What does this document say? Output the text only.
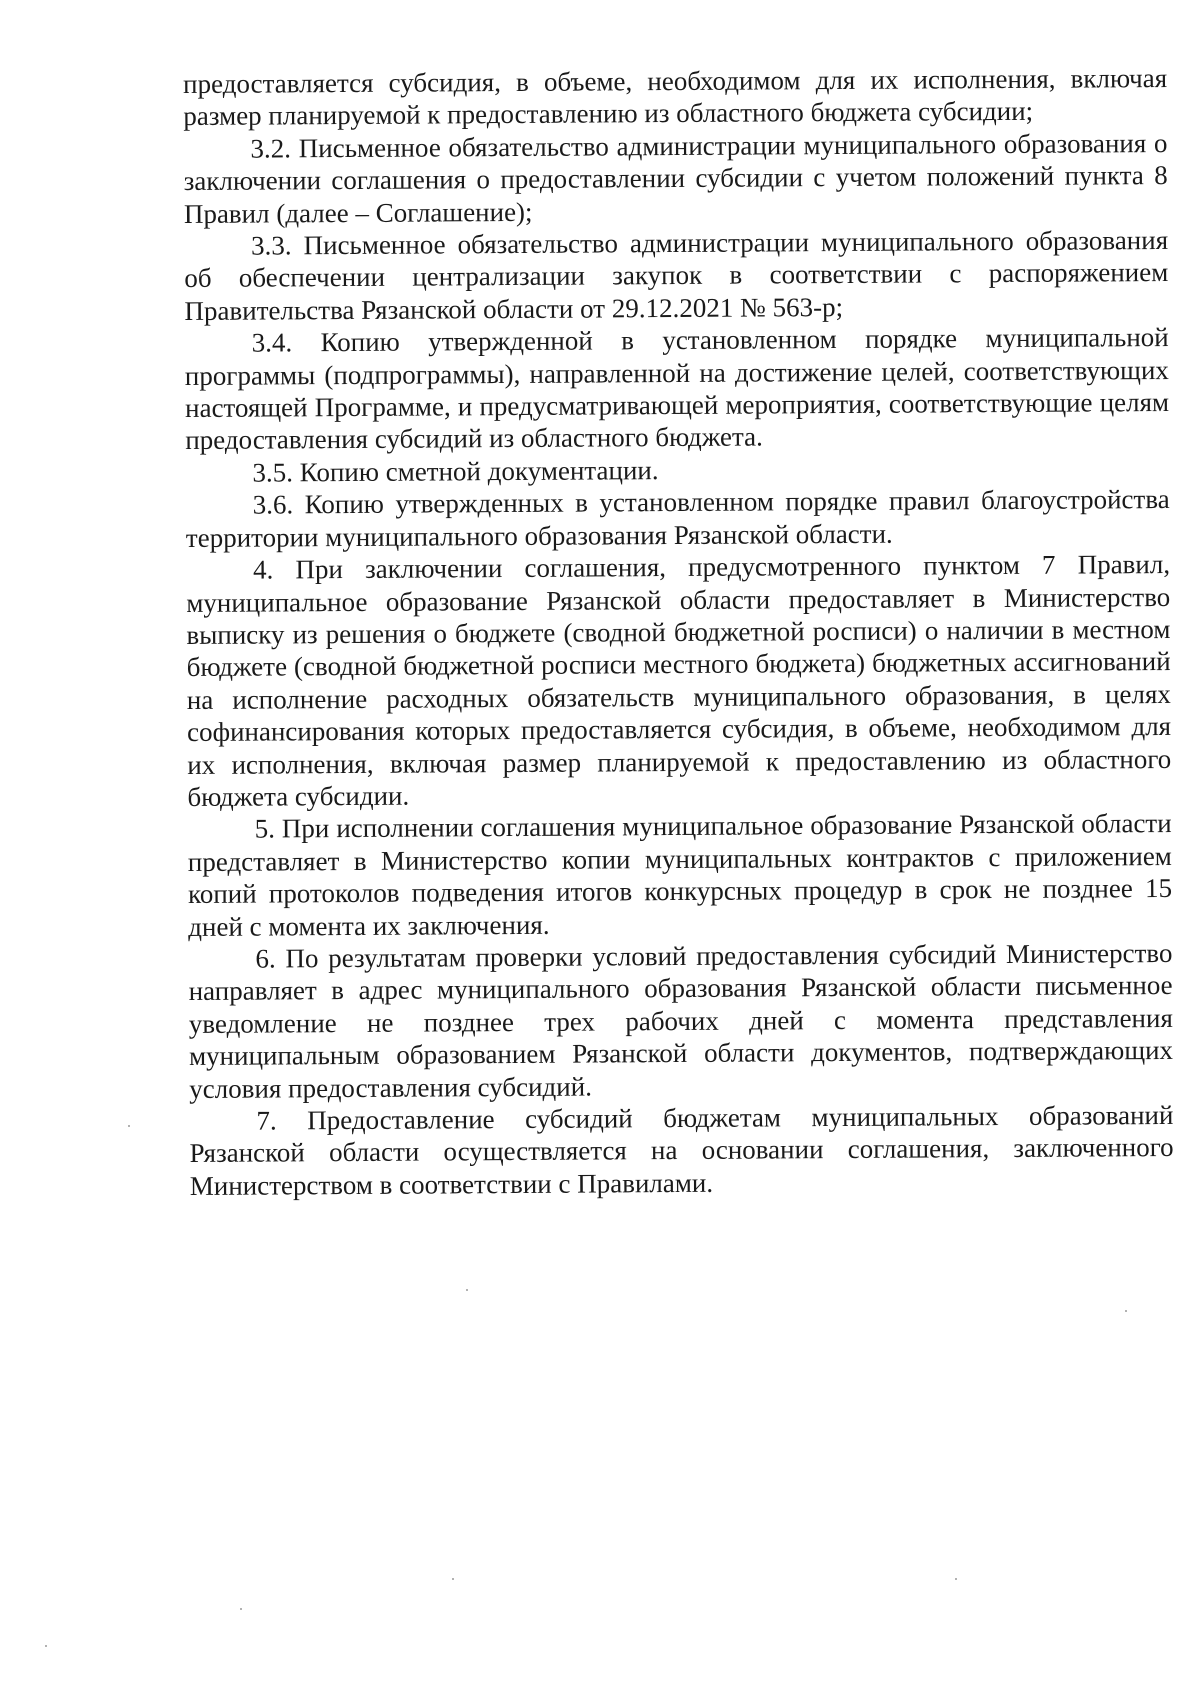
предоставляется субсидия, в объеме, необходимом для их исполнения, включая размер планируемой к предоставлению из областного бюджета субсидии;

3.2. Письменное обязательство администрации муниципального образования о заключении соглашения о предоставлении субсидии с учетом положений пункта 8 Правил (далее – Соглашение);

3.3. Письменное обязательство администрации муниципального образования об обеспечении централизации закупок в соответствии с распоряжением Правительства Рязанской области от 29.12.2021 № 563-р;

3.4. Копию утвержденной в установленном порядке муниципальной программы (подпрограммы), направленной на достижение целей, соответствующих настоящей Программе, и предусматривающей мероприятия, соответствующие целям предоставления субсидий из областного бюджета.

3.5. Копию сметной документации.

3.6. Копию утвержденных в установленном порядке правил благоустройства территории муниципального образования Рязанской области.

4. При заключении соглашения, предусмотренного пунктом 7 Правил, муниципальное образование Рязанской области предоставляет в Министерство выписку из решения о бюджете (сводной бюджетной росписи) о наличии в местном бюджете (сводной бюджетной росписи местного бюджета) бюджетных ассигнований на исполнение расходных обязательств муниципального образования, в целях софинансирования которых предоставляется субсидия, в объеме, необходимом для их исполнения, включая размер планируемой к предоставлению из областного бюджета субсидии.

5. При исполнении соглашения муниципальное образование Рязанской области представляет в Министерство копии муниципальных контрактов с приложением копий протоколов подведения итогов конкурсных процедур в срок не позднее 15 дней с момента их заключения.

6. По результатам проверки условий предоставления субсидий Министерство направляет в адрес муниципального образования Рязанской области письменное уведомление не позднее трех рабочих дней с момента представления муниципальным образованием Рязанской области документов, подтверждающих условия предоставления субсидий.

7. Предоставление субсидий бюджетам муниципальных образований Рязанской области осуществляется на основании соглашения, заключенного Министерством в соответствии с Правилами.
